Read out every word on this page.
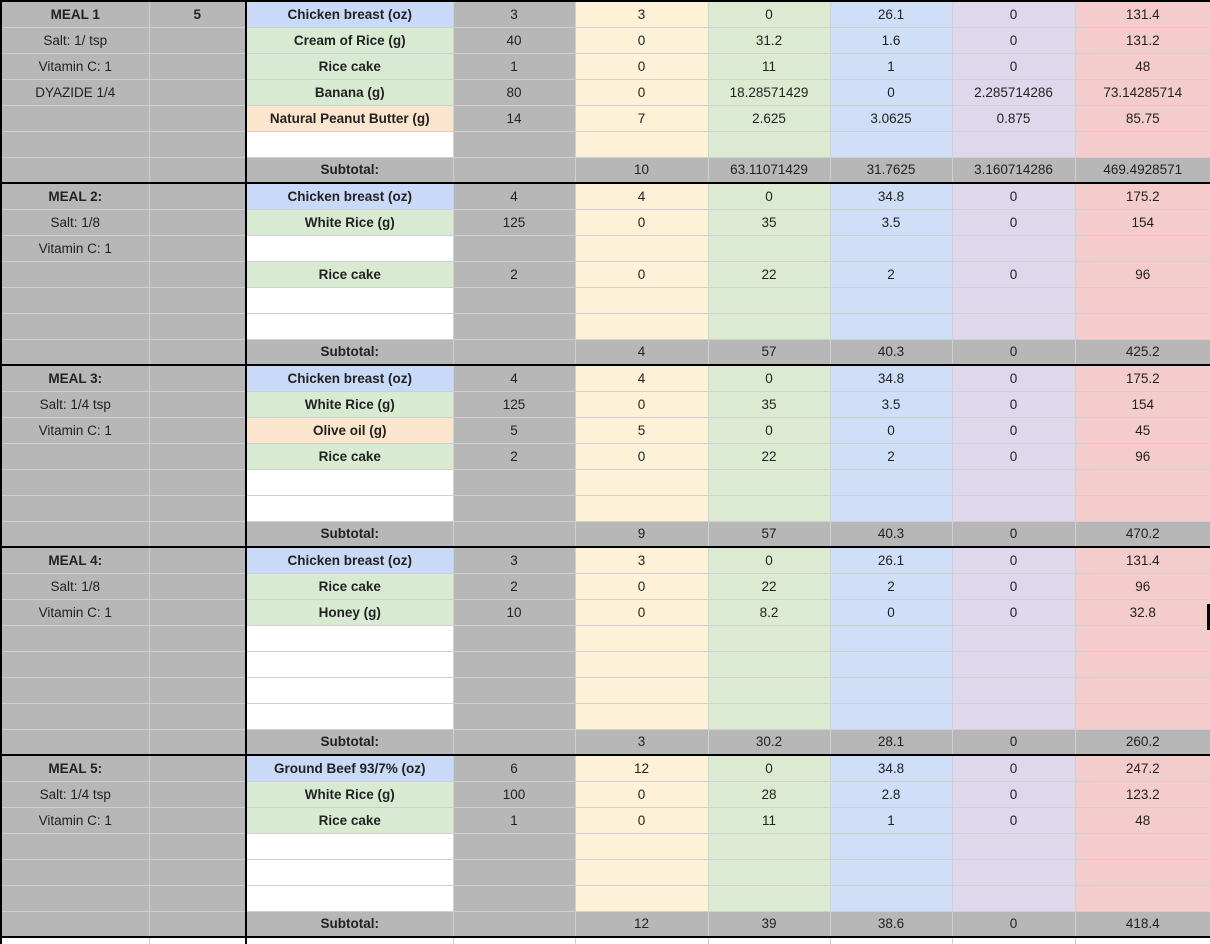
MEAL 1	5	Chicken breast (oz)	3	3	0	26.1	0	131.4
Salt: 1/ tsp		Cream of Rice (g)	40	0	31.2	1.6	0	131.2
Vitamin C: 1		Rice cake	1	0	11	1	0	48
DYAZIDE 1/4		Banana (g)	80	0	18.28571429	0	2.285714286	73.14285714
		Natural Peanut Butter (g)	14	7	2.625	3.0625	0.875	85.75

		Subtotal:		10	63.11071429	31.7625	3.160714286	469.4928571
MEAL 2:		Chicken breast (oz)	4	4	0	34.8	0	175.2
Salt: 1/8		White Rice (g)	125	0	35	3.5	0	154
Vitamin C: 1								
		Rice cake	2	0	22	2	0	96

		Subtotal:		4	57	40.3	0	425.2
MEAL 3:		Chicken breast (oz)	4	4	0	34.8	0	175.2
Salt: 1/4 tsp		White Rice (g)	125	0	35	3.5	0	154
Vitamin C: 1		Olive oil (g)	5	5	0	0	0	45
		Rice cake	2	0	22	2	0	96

		Subtotal:		9	57	40.3	0	470.2
MEAL 4:		Chicken breast (oz)	3	3	0	26.1	0	131.4
Salt: 1/8		Rice cake	2	0	22	2	0	96
Vitamin C: 1		Honey (g)	10	0	8.2	0	0	32.8

		Subtotal:		3	30.2	28.1	0	260.2
MEAL 5:		Ground Beef 93/7% (oz)	6	12	0	34.8	0	247.2
Salt: 1/4 tsp		White Rice (g)	100	0	28	2.8	0	123.2
Vitamin C: 1		Rice cake	1	0	11	1	0	48

		Subtotal:		12	39	38.6	0	418.4
